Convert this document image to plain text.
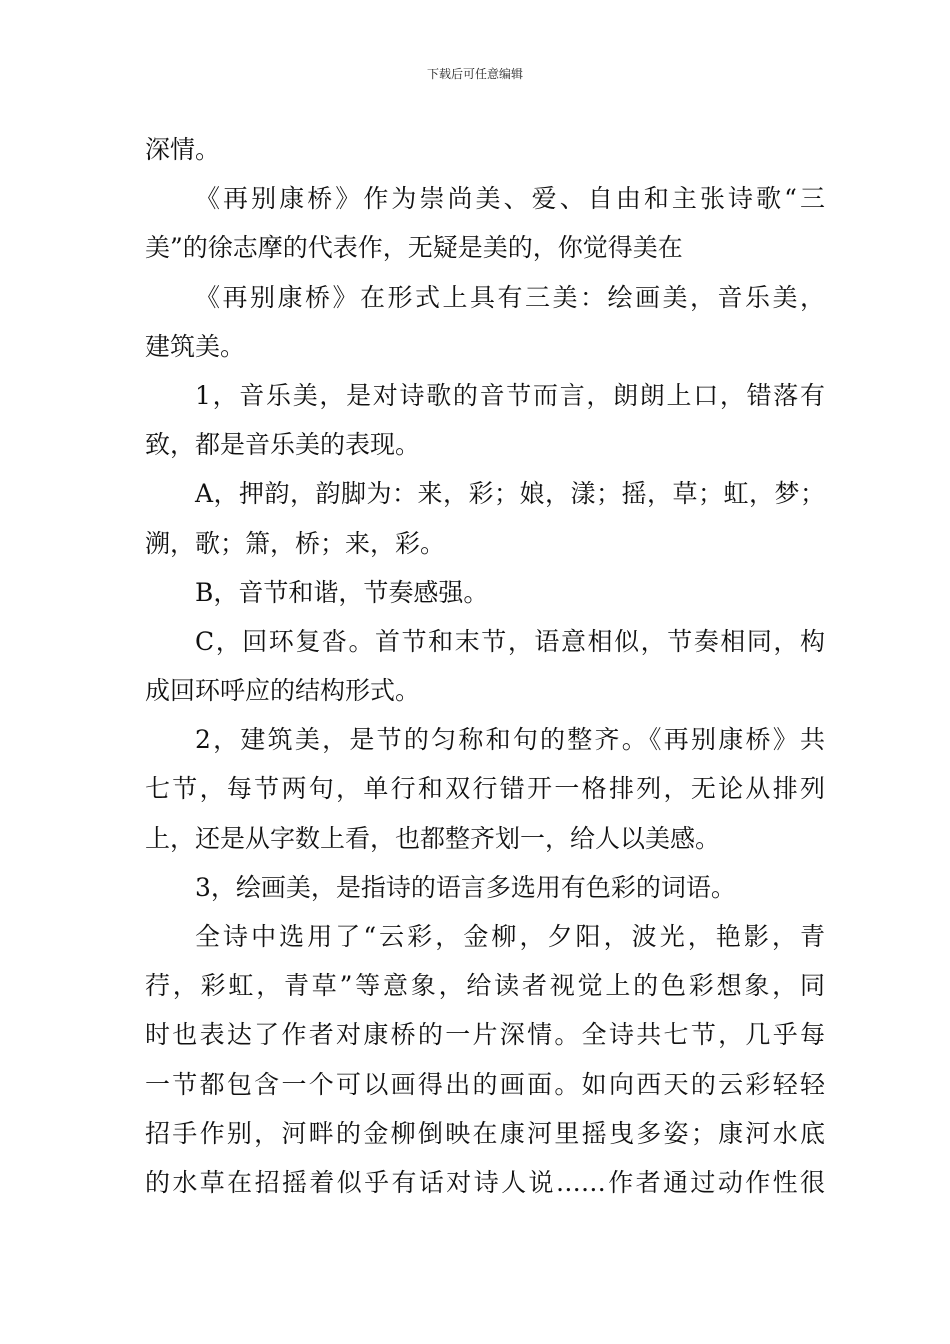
下载后可任意编辑
深情。
《再别康桥》作为崇尚美、爱、自由和主张诗歌“三
美”的徐志摩的代表作，无疑是美的，你觉得美在
《再别康桥》在形式上具有三美：绘画美，音乐美，
建筑美。
1，音乐美，是对诗歌的音节而言，朗朗上口，错落有
致，都是音乐美的表现。
A，押韵，韵脚为：来，彩；娘，漾；摇，草；虹，梦；
溯，歌；箫，桥；来，彩。
B，音节和谐，节奏感强。
C，回环复沓。首节和末节，语意相似，节奏相同，构
成回环呼应的结构形式。
2，建筑美，是节的匀称和句的整齐。《再别康桥》共
七节，每节两句，单行和双行错开一格排列，无论从排列
上，还是从字数上看，也都整齐划一，给人以美感。
3，绘画美，是指诗的语言多选用有色彩的词语。
全诗中选用了“云彩，金柳，夕阳，波光，艳影，青
荇，彩虹，青草”等意象，给读者视觉上的色彩想象，同
时也表达了作者对康桥的一片深情。全诗共七节，几乎每
一节都包含一个可以画得出的画面。如向西天的云彩轻轻
招手作别，河畔的金柳倒映在康河里摇曳多姿；康河水底
的水草在招摇着似乎有话对诗人说……作者通过动作性很
